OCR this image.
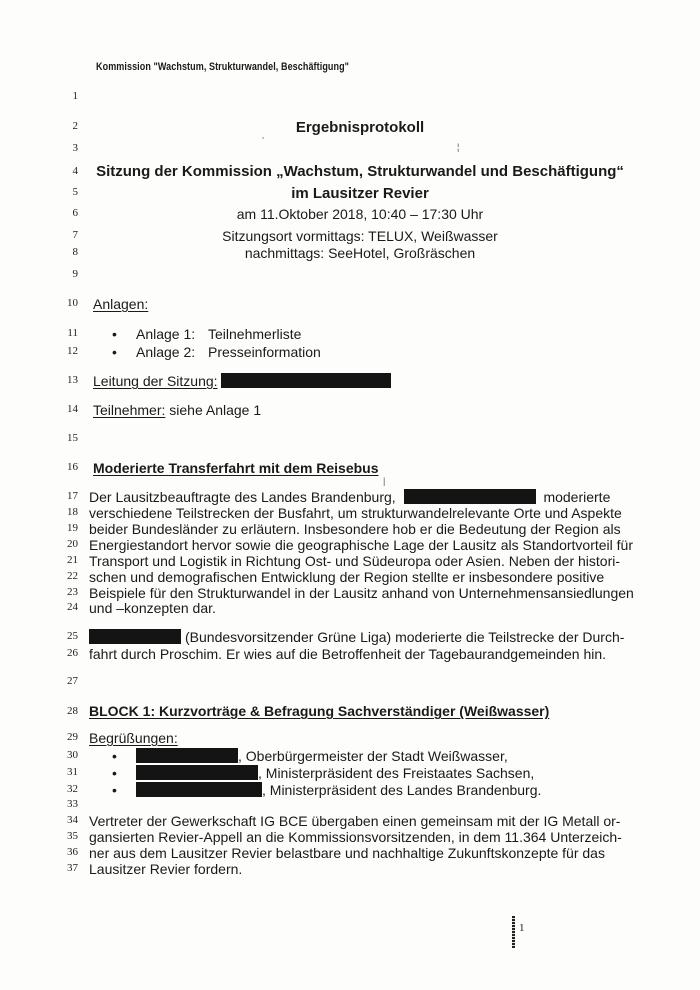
Kommission "Wachstum, Strukturwandel, Beschäftigung"
1
2
3
4
5
6
7
8
9
10
11
12
13
14
15
16
17
18
19
20
21
22
23
24
25
26
27
28
29
30
31
32
33
34
35
36
37
Ergebnisprotokoll
Sitzung der Kommission „Wachstum, Strukturwandel und Beschäftigung“
im Lausitzer Revier
am 11.Oktober 2018, 10:40 – 17:30 Uhr
Sitzungsort vormittags: TELUX, Weißwasser
nachmittags: SeeHotel, Großräschen
‚
¦
Anlagen:
• Anlage 1: Teilnehmerliste
• Anlage 2: Presseinformation
Leitung der Sitzung:
Teilnehmer: siehe Anlage 1
Moderierte Transferfahrt mit dem Reisebus
|
Der Lausitzbeauftragte des Landes Brandenburg,	moderierte
verschiedene Teilstrecken der Busfahrt, um strukturwandelrelevante Orte und Aspekte
beider Bundesländer zu erläutern. Insbesondere hob er die Bedeutung der Region als
Energiestandort hervor sowie die geographische Lage der Lausitz als Standortvorteil für
Transport und Logistik in Richtung Ost- und Südeuropa oder Asien. Neben der histori-
schen und demografischen Entwicklung der Region stellte er insbesondere positive
Beispiele für den Strukturwandel in der Lausitz anhand von Unternehmensansiedlungen
und –konzepten dar.
(Bundesvorsitzender Grüne Liga) moderierte die Teilstrecke der Durch-
fahrt durch Proschim. Er wies auf die Betroffenheit der Tagebaurandgemeinden hin.
BLOCK 1: Kurzvorträge & Befragung Sachverständiger (Weißwasser)
Begrüßungen:
•	, Oberbürgermeister der Stadt Weißwasser,
•	, Ministerpräsident des Freistaates Sachsen,
•	, Ministerpräsident des Landes Brandenburg.
Vertreter der Gewerkschaft IG BCE übergaben einen gemeinsam mit der IG Metall or-
gansierten Revier-Appell an die Kommissionsvorsitzenden, in dem 11.364 Unterzeich-
ner aus dem Lausitzer Revier belastbare und nachhaltige Zukunftskonzepte für das
Lausitzer Revier fordern.
1
